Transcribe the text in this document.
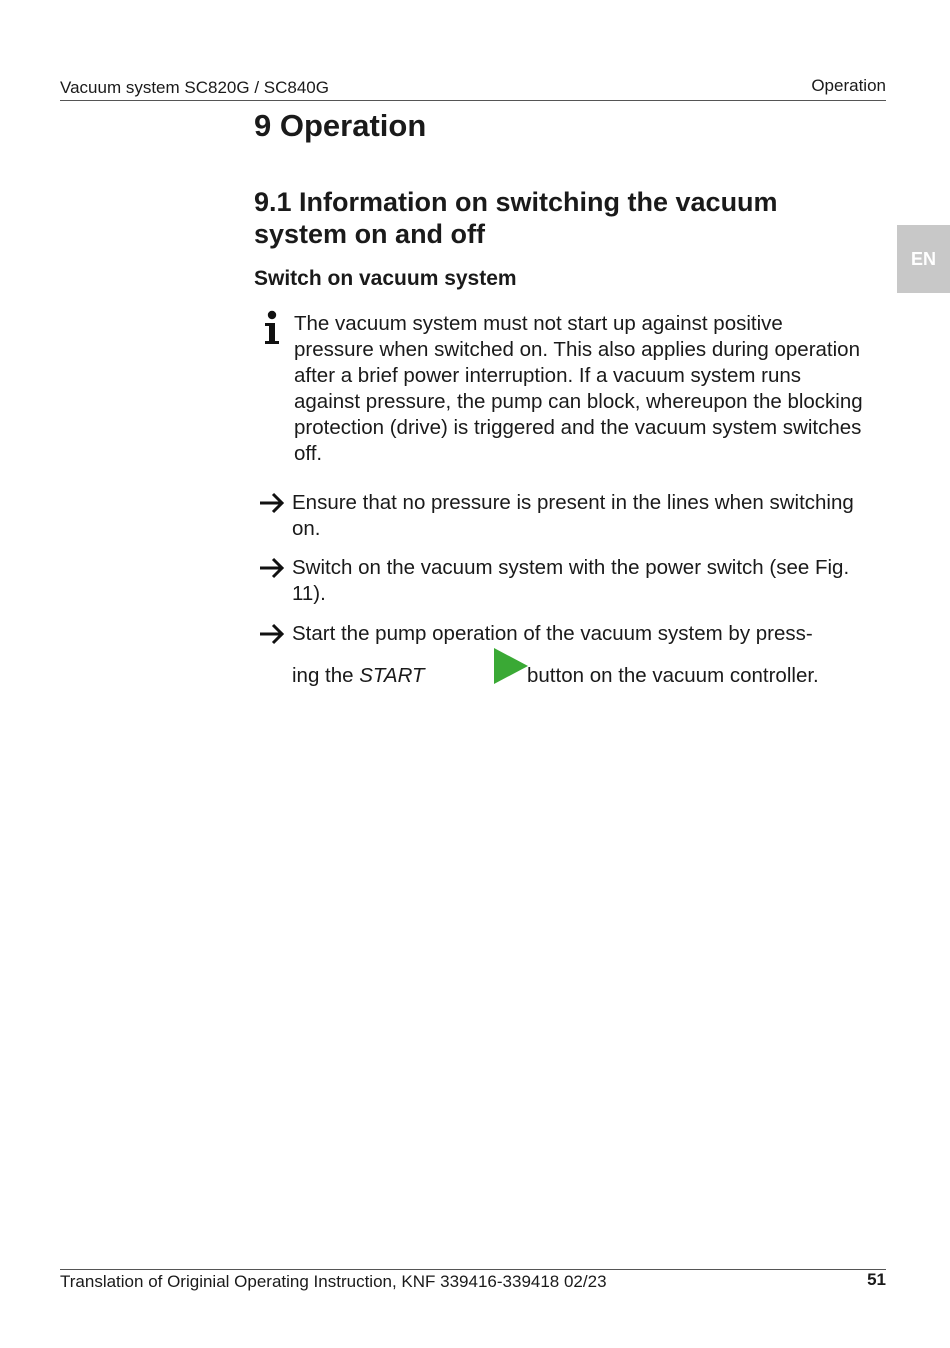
Vacuum system SC820G / SC840G	Operation
EN
9 Operation
9.1 Information on switching the vacuum system on and off
Switch on vacuum system

The vacuum system must not start up against positive pressure when switched on. This also applies during operation after a brief power interruption. If a vacuum system runs against pressure, the pump can block, whereupon the blocking protection (drive) is triggered and the vacuum system switches off.

Ensure that no pressure is present in the lines when switching on.

Switch on the vacuum system with the power switch (see Fig. 11).

Start the pump operation of the vacuum system by press-

ing the START	button on the vacuum controller.
Translation of Originial Operating Instruction, KNF 339416-339418 02/23	51
